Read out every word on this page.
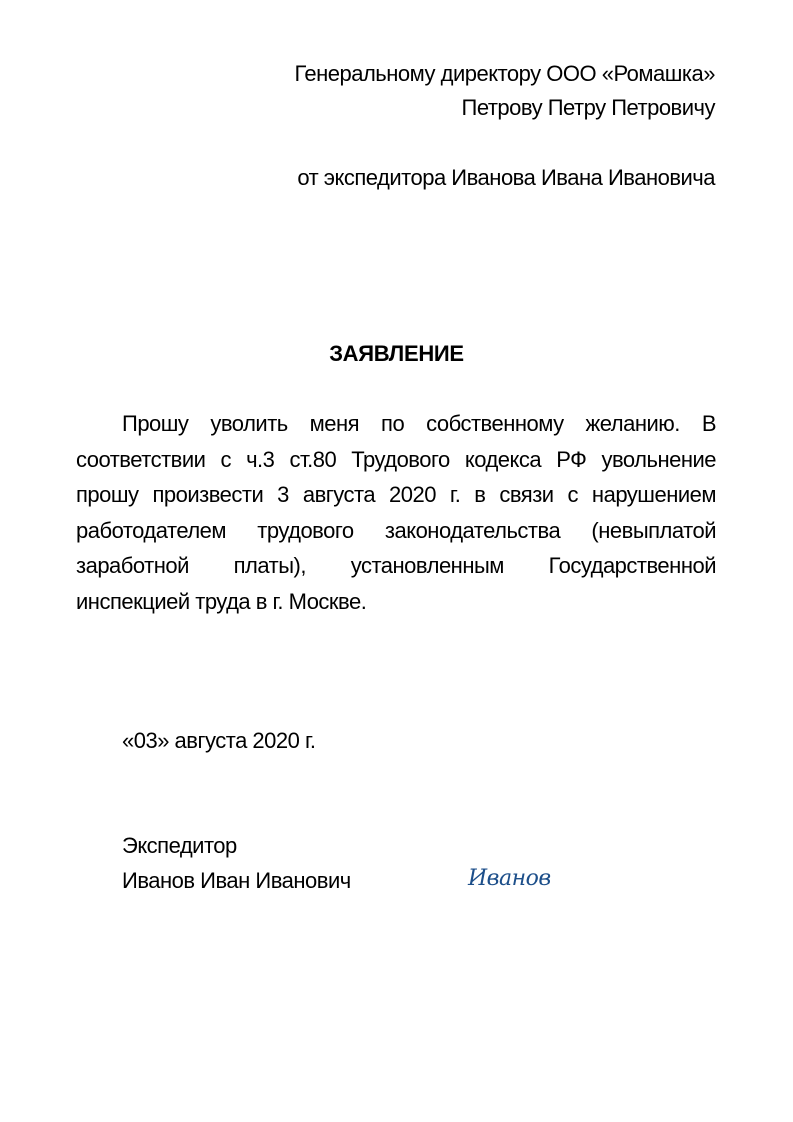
Генеральному директору ООО «Ромашка»
Петрову Петру Петровичу
от экспедитора Иванова Ивана Ивановича
ЗАЯВЛЕНИЕ

Прошу уволить меня по собственному желанию. В соответствии с ч.3 ст.80 Трудового кодекса РФ увольнение прошу произвести 3 августа 2020 г. в связи с нарушением работодателем трудового законодательства (невыплатой заработной платы), установленным Государственной инспекцией труда в г. Москве.

«03» августа 2020 г.
Экспедитор
Иванов Иван Иванович	Иванов
